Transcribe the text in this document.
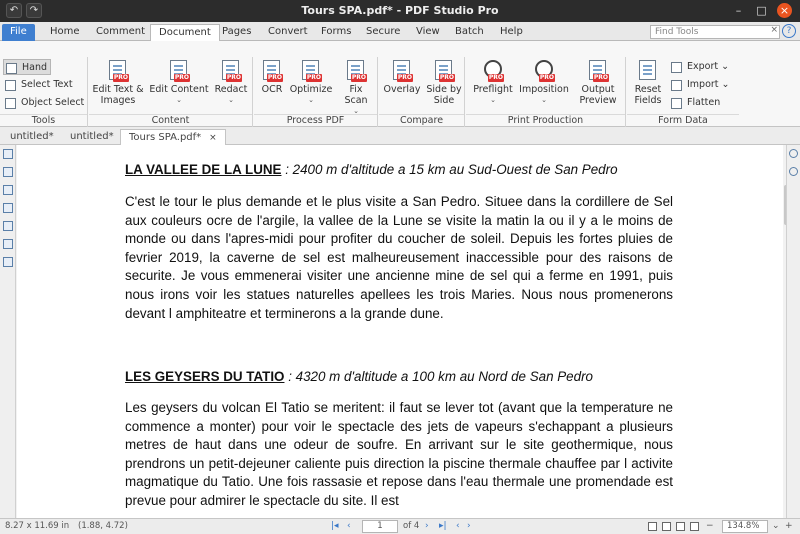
↶	↷	Tours SPA.pdf* - PDF Studio Pro	–	□ ×
File	Home	Comment	Document	Pages	Convert	Forms	Secure	View	Batch	Help	Find Tools	× ?
Hand
Select Text
Object Select
Tools
PRO
Edit Text &
Images
PRO
Edit Content
⌄
PRO
Redact
⌄
Content
PRO
OCR
PRO
Optimize
⌄
PRO
Fix
Scan
⌄
Process PDF
PRO
Overlay
PRO
Side by
Side
Compare
PRO
Preflight
⌄
PRO
Imposition
⌄
PRO
Output
Preview
Print Production
Reset
Fields
Export ⌄
Import ⌄
Flatten
Form Data
untitled*	untitled*	Tours SPA.pdf* ×
LA VALLEE DE LA LUNE : 2400 m d'altitude a 15 km au Sud-Ouest de San Pedro
C'est le tour le plus demande et le plus visite a San Pedro. Situee dans la cordillere de Sel aux couleurs ocre de l'argile, la vallee de la Lune se visite la matin la ou il y a le moins de monde ou dans l'apres-midi pour profiter du coucher de soleil. Depuis les fortes pluies de fevrier 2019, la caverne de sel est malheureusement inaccessible pour des raisons de securite. Je vous emmenerai visiter une ancienne mine de sel qui a ferme en 1991, puis nous irons voir les statues naturelles apellees les trois Maries. Nous nous promenerons devant l amphiteatre et terminerons a la grande dune.
LES GEYSERS DU TATIO : 4320 m d'altitude a 100 km au Nord de San Pedro
Les geysers du volcan El Tatio se meritent: il faut se lever tot (avant que la temperature ne commence a monter) pour voir le spectacle des jets de vapeurs s'echappant a plusieurs metres de haut dans une odeur de soufre. En arrivant sur le site geothermique, nous prendrons un petit-dejeuner caliente puis direction la piscine thermale chauffee par l activite magmatique du Tatio. Une fois rassasie et repose dans l'eau thermale une promendade est prevue pour admirer le spectacle du site. Il est
8.27 x 11.69 in (1.88, 4.72)	|◂ ‹	1	of 4 › ▸| ‹ ›	−	134.8%	⌄ +
